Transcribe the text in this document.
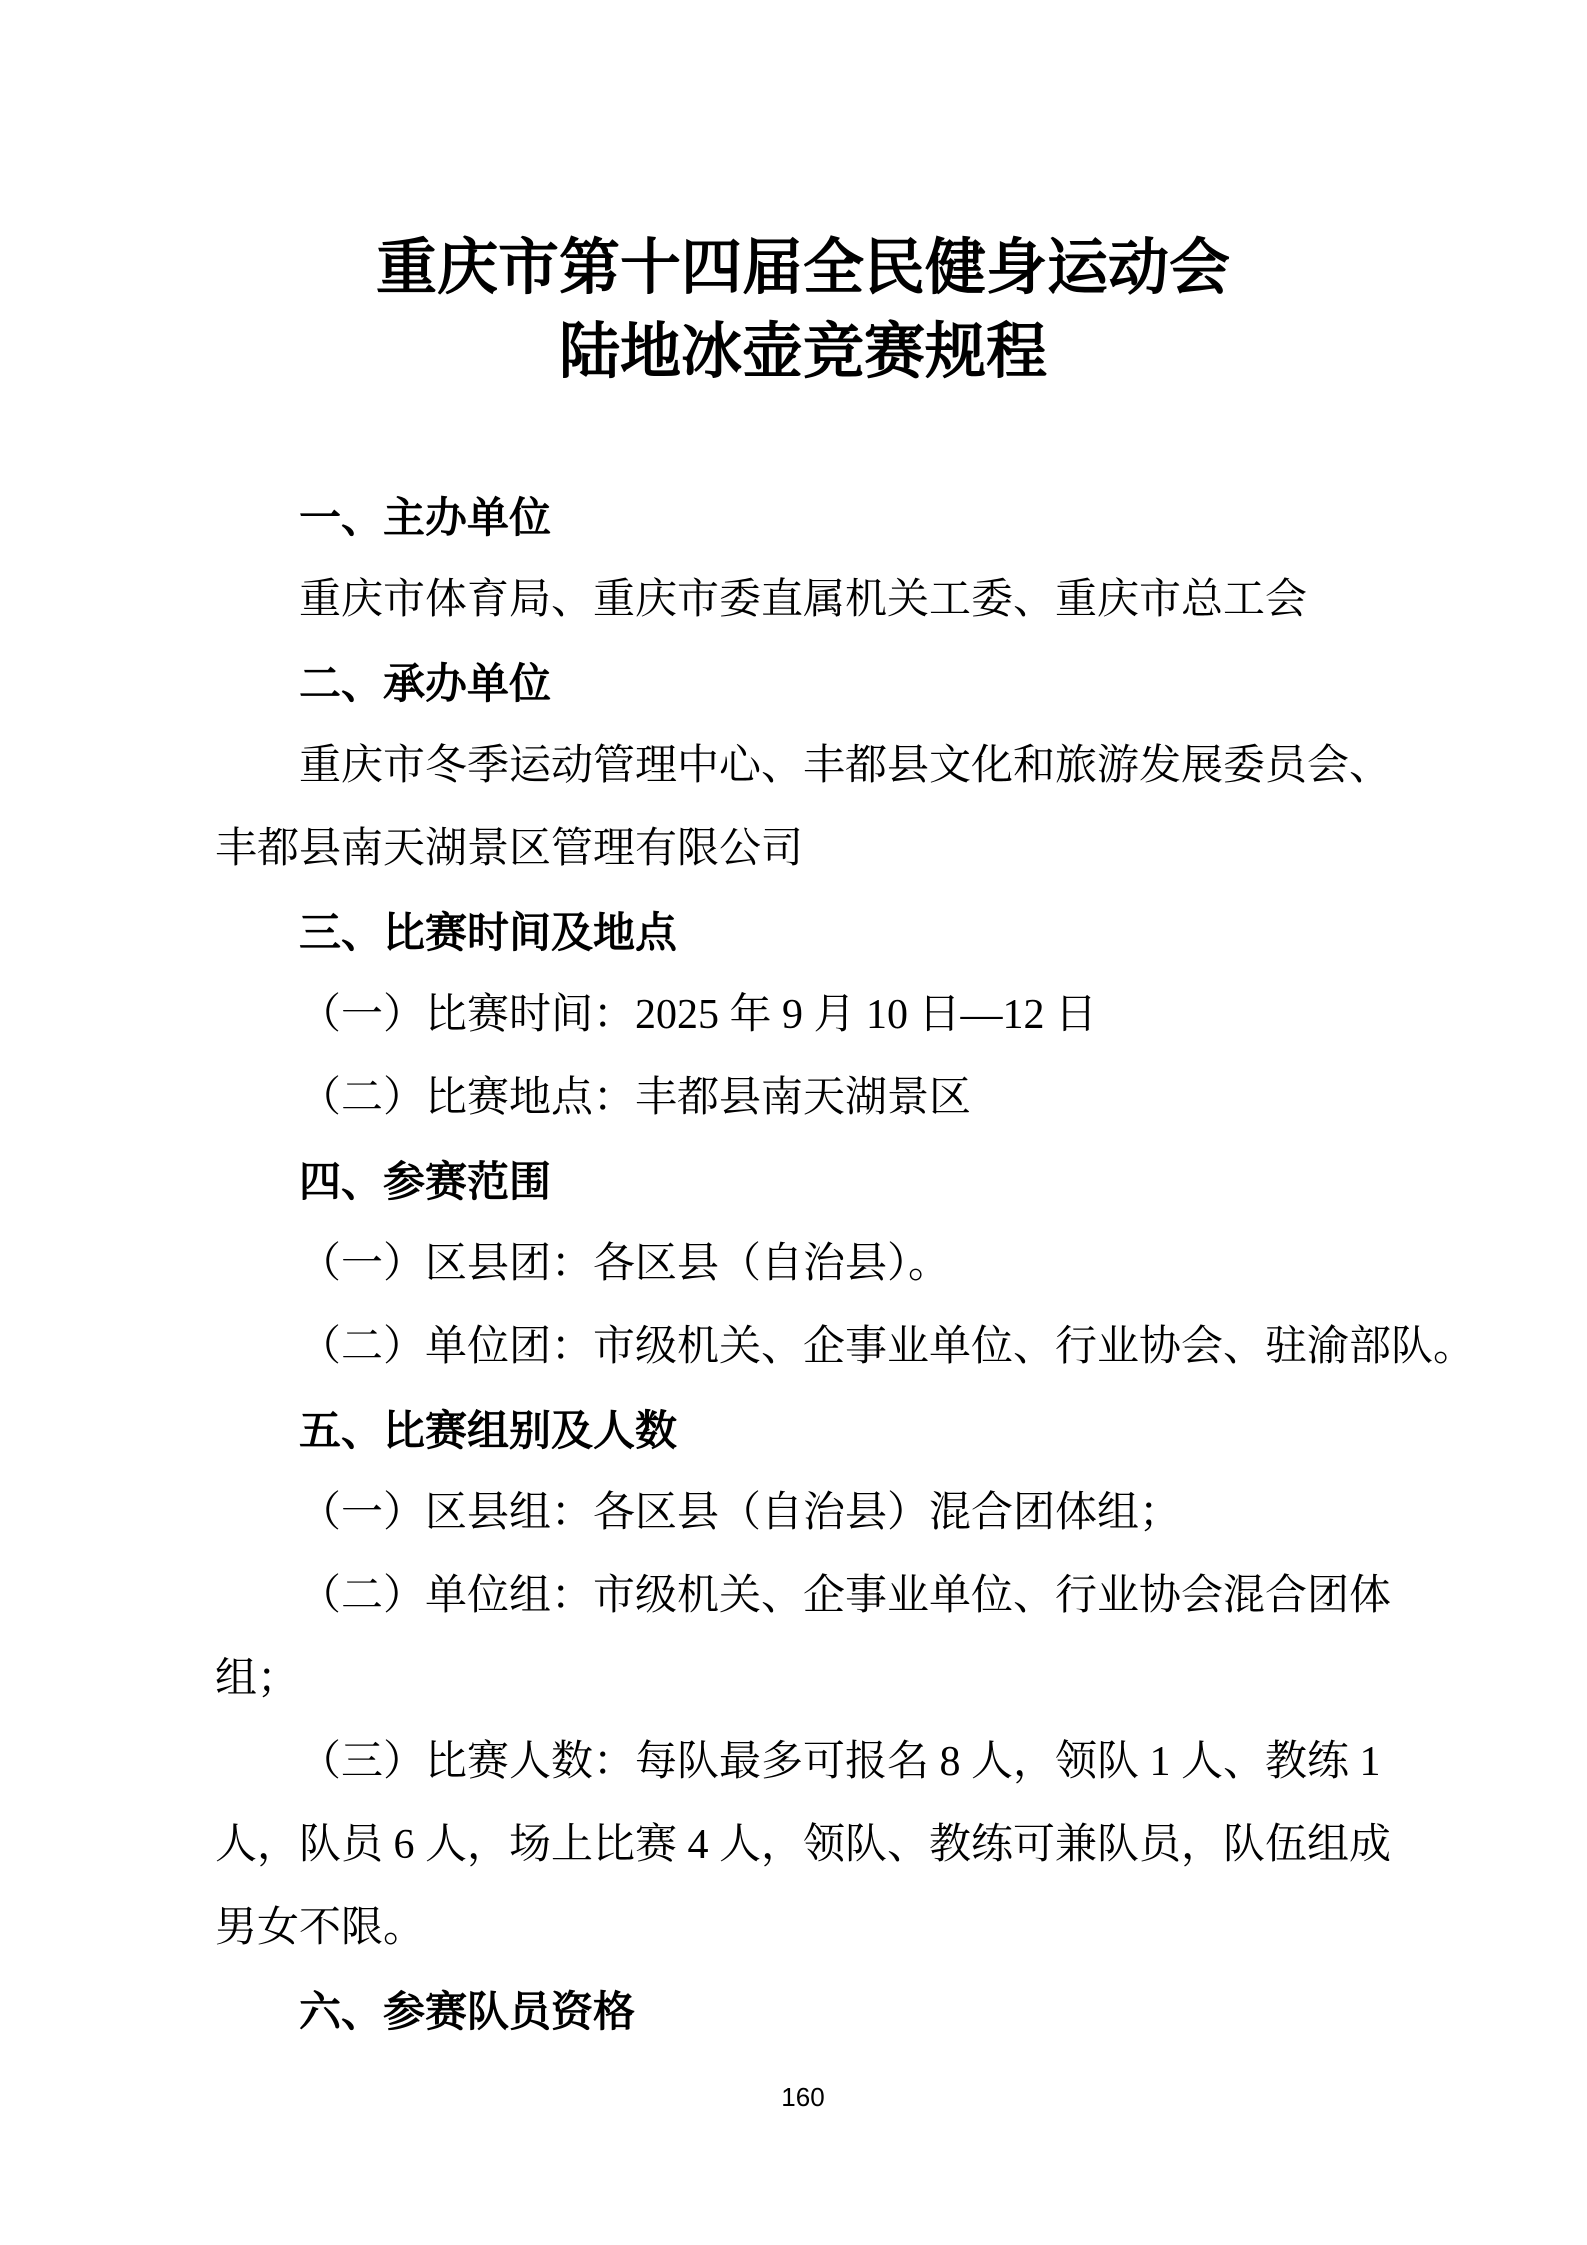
重庆市第十四届全民健身运动会
陆地冰壶竞赛规程
一、主办单位
重庆市体育局、重庆市委直属机关工委、重庆市总工会
二、承办单位
重庆市冬季运动管理中心、丰都县文化和旅游发展委员会、
丰都县南天湖景区管理有限公司
三、比赛时间及地点
（一）比赛时间：2025 年 9 月 10 日—12 日
（二）比赛地点：丰都县南天湖景区
四、参赛范围
（一）区县团：各区县（自治县）。
（二）单位团：市级机关、企事业单位、行业协会、驻渝部队。
五、比赛组别及人数
（一）区县组：各区县（自治县）混合团体组；
（二）单位组：市级机关、企事业单位、行业协会混合团体
组；
（三）比赛人数：每队最多可报名 8 人，领队 1 人、教练 1
人，队员 6 人，场上比赛 4 人，领队、教练可兼队员，队伍组成
男女不限。
六、参赛队员资格
160
